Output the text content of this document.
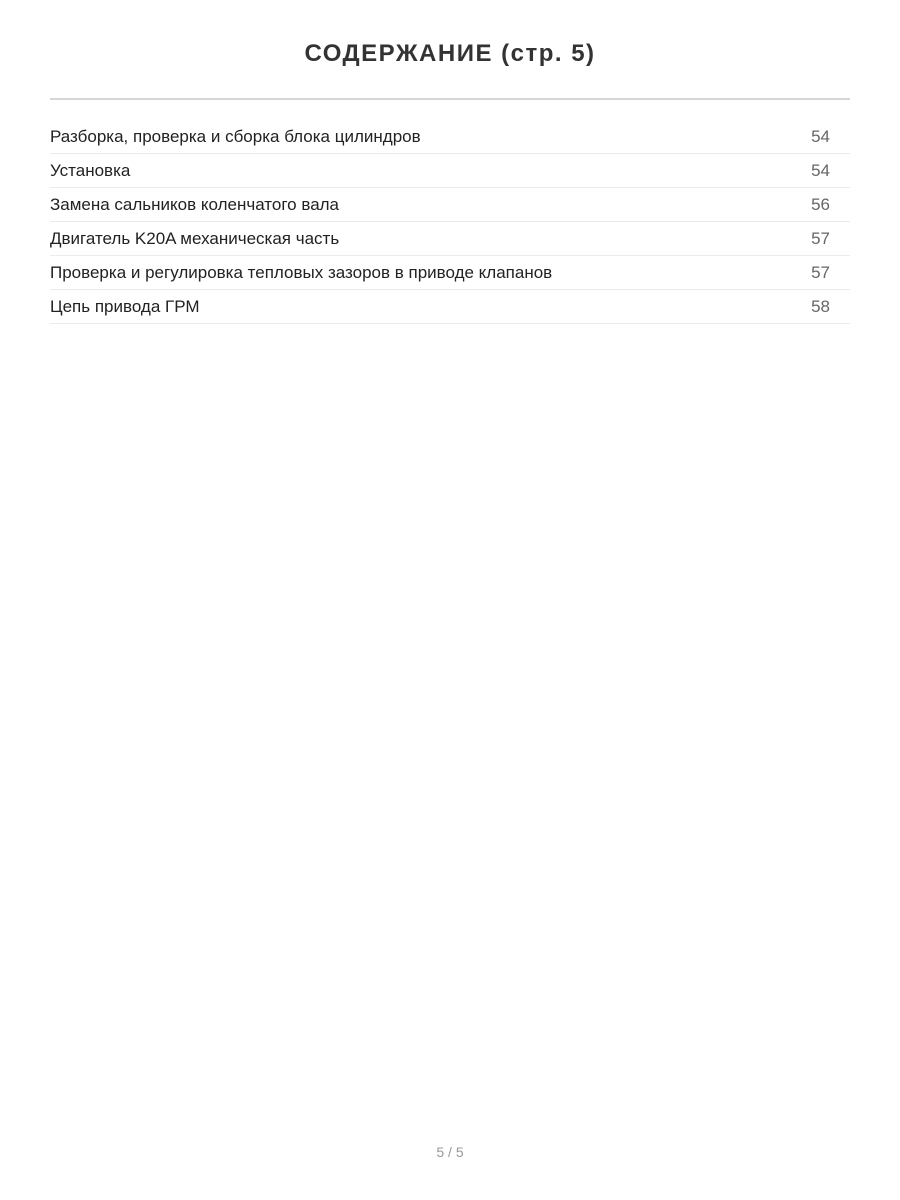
СОДЕРЖАНИЕ (стр. 5)
Разборка, проверка и сборка блока цилиндров	54
Установка	54
Замена сальников коленчатого вала	56
Двигатель K20A механическая часть	57
Проверка и регулировка тепловых зазоров в приводе клапанов	57
Цепь привода ГРМ	58
5 / 5
